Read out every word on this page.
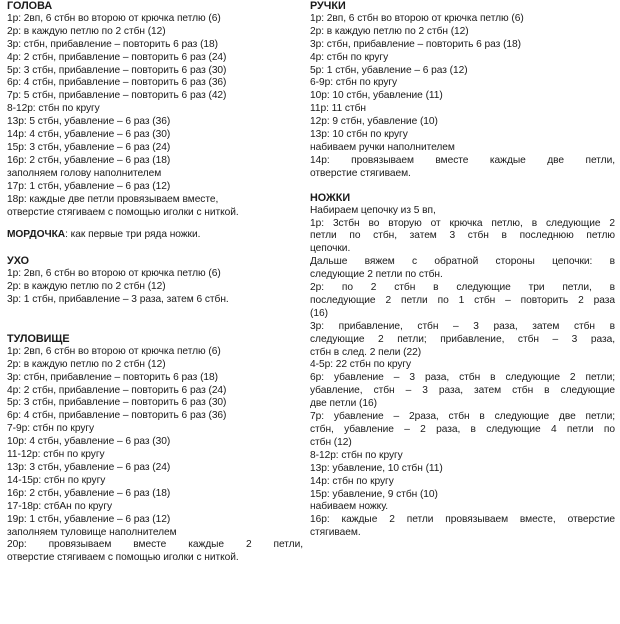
ГОЛОВА
1р: 2вп, 6 стбн во второю от крючка петлю (6)
2р: в каждую петлю по 2 стбн (12)
3р: стбн, прибавление – повторить 6 раз (18)
4р: 2 стбн, прибавление – повторить 6 раз (24)
5р: 3 стбн, прибавление – повторить 6 раз (30)
6р: 4 стбн, прибавление – повторить 6 раз (36)
7р: 5 стбн, прибавление – повторить 6 раз (42)
8-12р: стбн по кругу
13р: 5 стбн, убавление – 6 раз (36)
14р: 4 стбн, убавление – 6 раз (30)
15р: 3 стбн, убавление – 6 раз (24)
16р: 2 стбн, убавление – 6 раз (18)
заполняем голову наполнителем
17р: 1 стбн, убавление – 6 раз (12)
18р: каждые две петли провязываем вместе,
отверстие стягиваем с помощью иголки с ниткой.
МОРДОЧКА: как первые три ряда ножки.
УХО
1р: 2вп, 6 стбн во второю от крючка петлю (6)
2р: в каждую петлю по 2 стбн (12)
3р: 1 стбн, прибавление – 3 раза, затем 6 стбн.
ТУЛОВИЩЕ
1р: 2вп, 6 стбн во второю от крючка петлю (6)
2р: в каждую петлю по 2 стбн (12)
3р: стбн, прибавление – повторить 6 раз (18)
4р: 2 стбн, прибавление – повторить 6 раз (24)
5р: 3 стбн, прибавление – повторить 6 раз (30)
6р: 4 стбн, прибавление – повторить 6 раз (36)
7-9р: стбн по кругу
10р: 4 стбн, убавление – 6 раз (30)
11-12р: стбн по кругу
13р: 3 стбн, убавление – 6 раз (24)
14-15р: стбн по кругу
16р: 2 стбн, убавление – 6 раз (18)
17-18р: стбАн по кругу
19р: 1 стбн, убавление – 6 раз (12)
заполняем туловище наполнителем
20р: провязываем вместе каждые 2 петли,
отверстие стягиваем с помощью иголки с ниткой.
РУЧКИ
1р: 2вп, 6 стбн во второю от крючка петлю (6)
2р: в каждую петлю по 2 стбн (12)
3р: стбн, прибавление – повторить 6 раз (18)
4р: стбн по кругу
5р: 1 стбн, убавление – 6 раз (12)
6-9р: стбн по кругу
10р: 10 стбн, убавление (11)
11р: 11 стбн
12р: 9 стбн, убавление (10)
13р: 10 стбн по кругу
набиваем ручки наполнителем
14р: провязываем вместе каждые две петли,
отверстие стягиваем.
НОЖКИ
Набираем цепочку из 5 вп,
1р: 3стбн во вторую от крючка петлю, в следующие 2
петли по стбн, затем 3 стбн в последнюю петлю
цепочки.
Дальше вяжем с обратной стороны цепочки: в
следующие 2 петли по стбн.
2р: по 2 стбн в следующие три петли, в
последующие 2 петли по 1 стбн – повторить 2 раза
(16)
3р: прибавление, стбн – 3 раза, затем стбн в
следующие 2 петли; прибавление, стбн – 3 раза,
стбн в след. 2 пели (22)
4-5р: 22 стбн по кругу
6р: убавление – 3 раза, стбн в следующие 2 петли;
убавление, стбн – 3 раза, затем стбн в следующие
две петли (16)
7р: убавление – 2раза, стбн в следующие две петли;
стбн, убавление – 2 раза, в следующие 4 петли по
стбн (12)
8-12р: стбн по кругу
13р: убавление, 10 стбн (11)
14р: стбн по кругу
15р: убавление, 9 стбн (10)
набиваем ножку.
16р: каждые 2 петли провязываем вместе, отверстие
стягиваем.
